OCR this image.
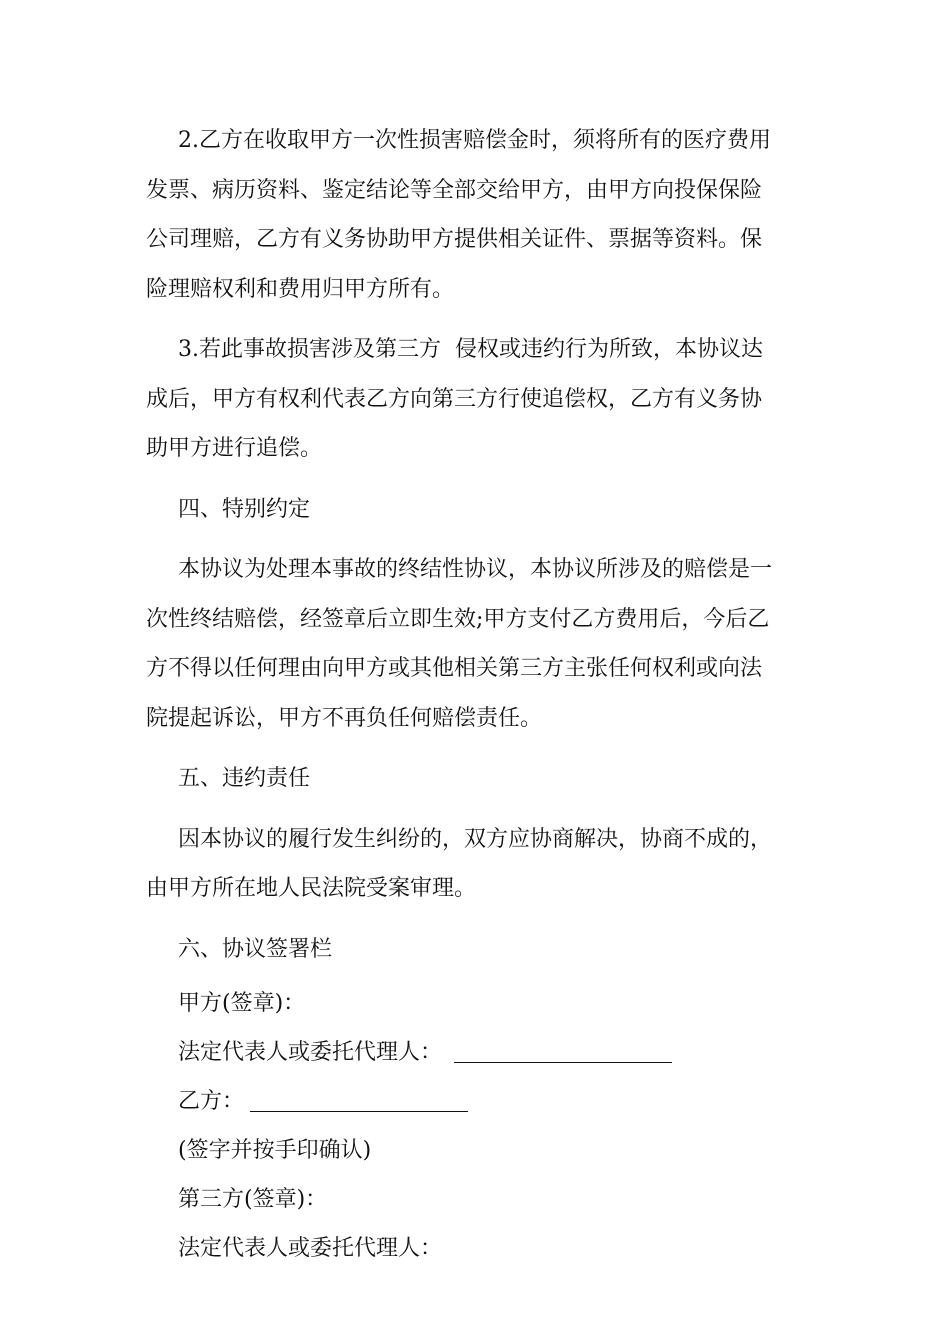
2.乙方在收取甲方一次性损害赔偿金时，须将所有的医疗费用
发票、病历资料、鉴定结论等全部交给甲方，由甲方向投保保险
公司理赔，乙方有义务协助甲方提供相关证件、票据等资料。保
险理赔权利和费用归甲方所有。
3.若此事故损害涉及第三方  侵权或违约行为所致，本协议达
成后，甲方有权利代表乙方向第三方行使追偿权，乙方有义务协
助甲方进行追偿。
四、特别约定
本协议为处理本事故的终结性协议，本协议所涉及的赔偿是一
次性终结赔偿，经签章后立即生效;甲方支付乙方费用后，今后乙
方不得以任何理由向甲方或其他相关第三方主张任何权利或向法
院提起诉讼，甲方不再负任何赔偿责任。
五、违约责任
因本协议的履行发生纠纷的，双方应协商解决，协商不成的，
由甲方所在地人民法院受案审理。
六、协议签署栏
甲方(签章)：
法定代表人或委托代理人：
乙方：
(签字并按手印确认)
第三方(签章)：
法定代表人或委托代理人：
